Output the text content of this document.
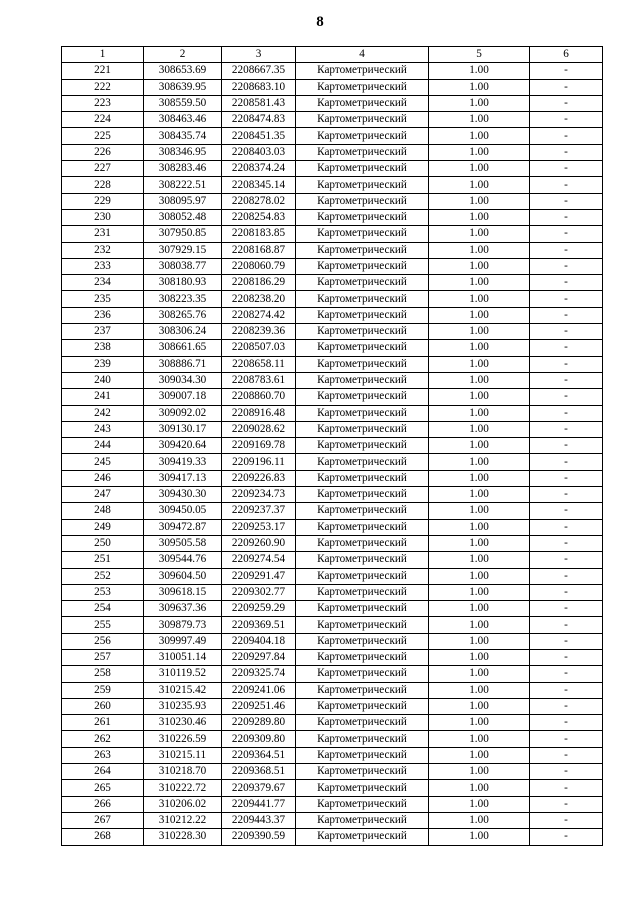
8
1	2	3	4	5	6
221	308653.69	2208667.35	Картометрический	1.00	-
222	308639.95	2208683.10	Картометрический	1.00	-
223	308559.50	2208581.43	Картометрический	1.00	-
224	308463.46	2208474.83	Картометрический	1.00	-
225	308435.74	2208451.35	Картометрический	1.00	-
226	308346.95	2208403.03	Картометрический	1.00	-
227	308283.46	2208374.24	Картометрический	1.00	-
228	308222.51	2208345.14	Картометрический	1.00	-
229	308095.97	2208278.02	Картометрический	1.00	-
230	308052.48	2208254.83	Картометрический	1.00	-
231	307950.85	2208183.85	Картометрический	1.00	-
232	307929.15	2208168.87	Картометрический	1.00	-
233	308038.77	2208060.79	Картометрический	1.00	-
234	308180.93	2208186.29	Картометрический	1.00	-
235	308223.35	2208238.20	Картометрический	1.00	-
236	308265.76	2208274.42	Картометрический	1.00	-
237	308306.24	2208239.36	Картометрический	1.00	-
238	308661.65	2208507.03	Картометрический	1.00	-
239	308886.71	2208658.11	Картометрический	1.00	-
240	309034.30	2208783.61	Картометрический	1.00	-
241	309007.18	2208860.70	Картометрический	1.00	-
242	309092.02	2208916.48	Картометрический	1.00	-
243	309130.17	2209028.62	Картометрический	1.00	-
244	309420.64	2209169.78	Картометрический	1.00	-
245	309419.33	2209196.11	Картометрический	1.00	-
246	309417.13	2209226.83	Картометрический	1.00	-
247	309430.30	2209234.73	Картометрический	1.00	-
248	309450.05	2209237.37	Картометрический	1.00	-
249	309472.87	2209253.17	Картометрический	1.00	-
250	309505.58	2209260.90	Картометрический	1.00	-
251	309544.76	2209274.54	Картометрический	1.00	-
252	309604.50	2209291.47	Картометрический	1.00	-
253	309618.15	2209302.77	Картометрический	1.00	-
254	309637.36	2209259.29	Картометрический	1.00	-
255	309879.73	2209369.51	Картометрический	1.00	-
256	309997.49	2209404.18	Картометрический	1.00	-
257	310051.14	2209297.84	Картометрический	1.00	-
258	310119.52	2209325.74	Картометрический	1.00	-
259	310215.42	2209241.06	Картометрический	1.00	-
260	310235.93	2209251.46	Картометрический	1.00	-
261	310230.46	2209289.80	Картометрический	1.00	-
262	310226.59	2209309.80	Картометрический	1.00	-
263	310215.11	2209364.51	Картометрический	1.00	-
264	310218.70	2209368.51	Картометрический	1.00	-
265	310222.72	2209379.67	Картометрический	1.00	-
266	310206.02	2209441.77	Картометрический	1.00	-
267	310212.22	2209443.37	Картометрический	1.00	-
268	310228.30	2209390.59	Картометрический	1.00	-
